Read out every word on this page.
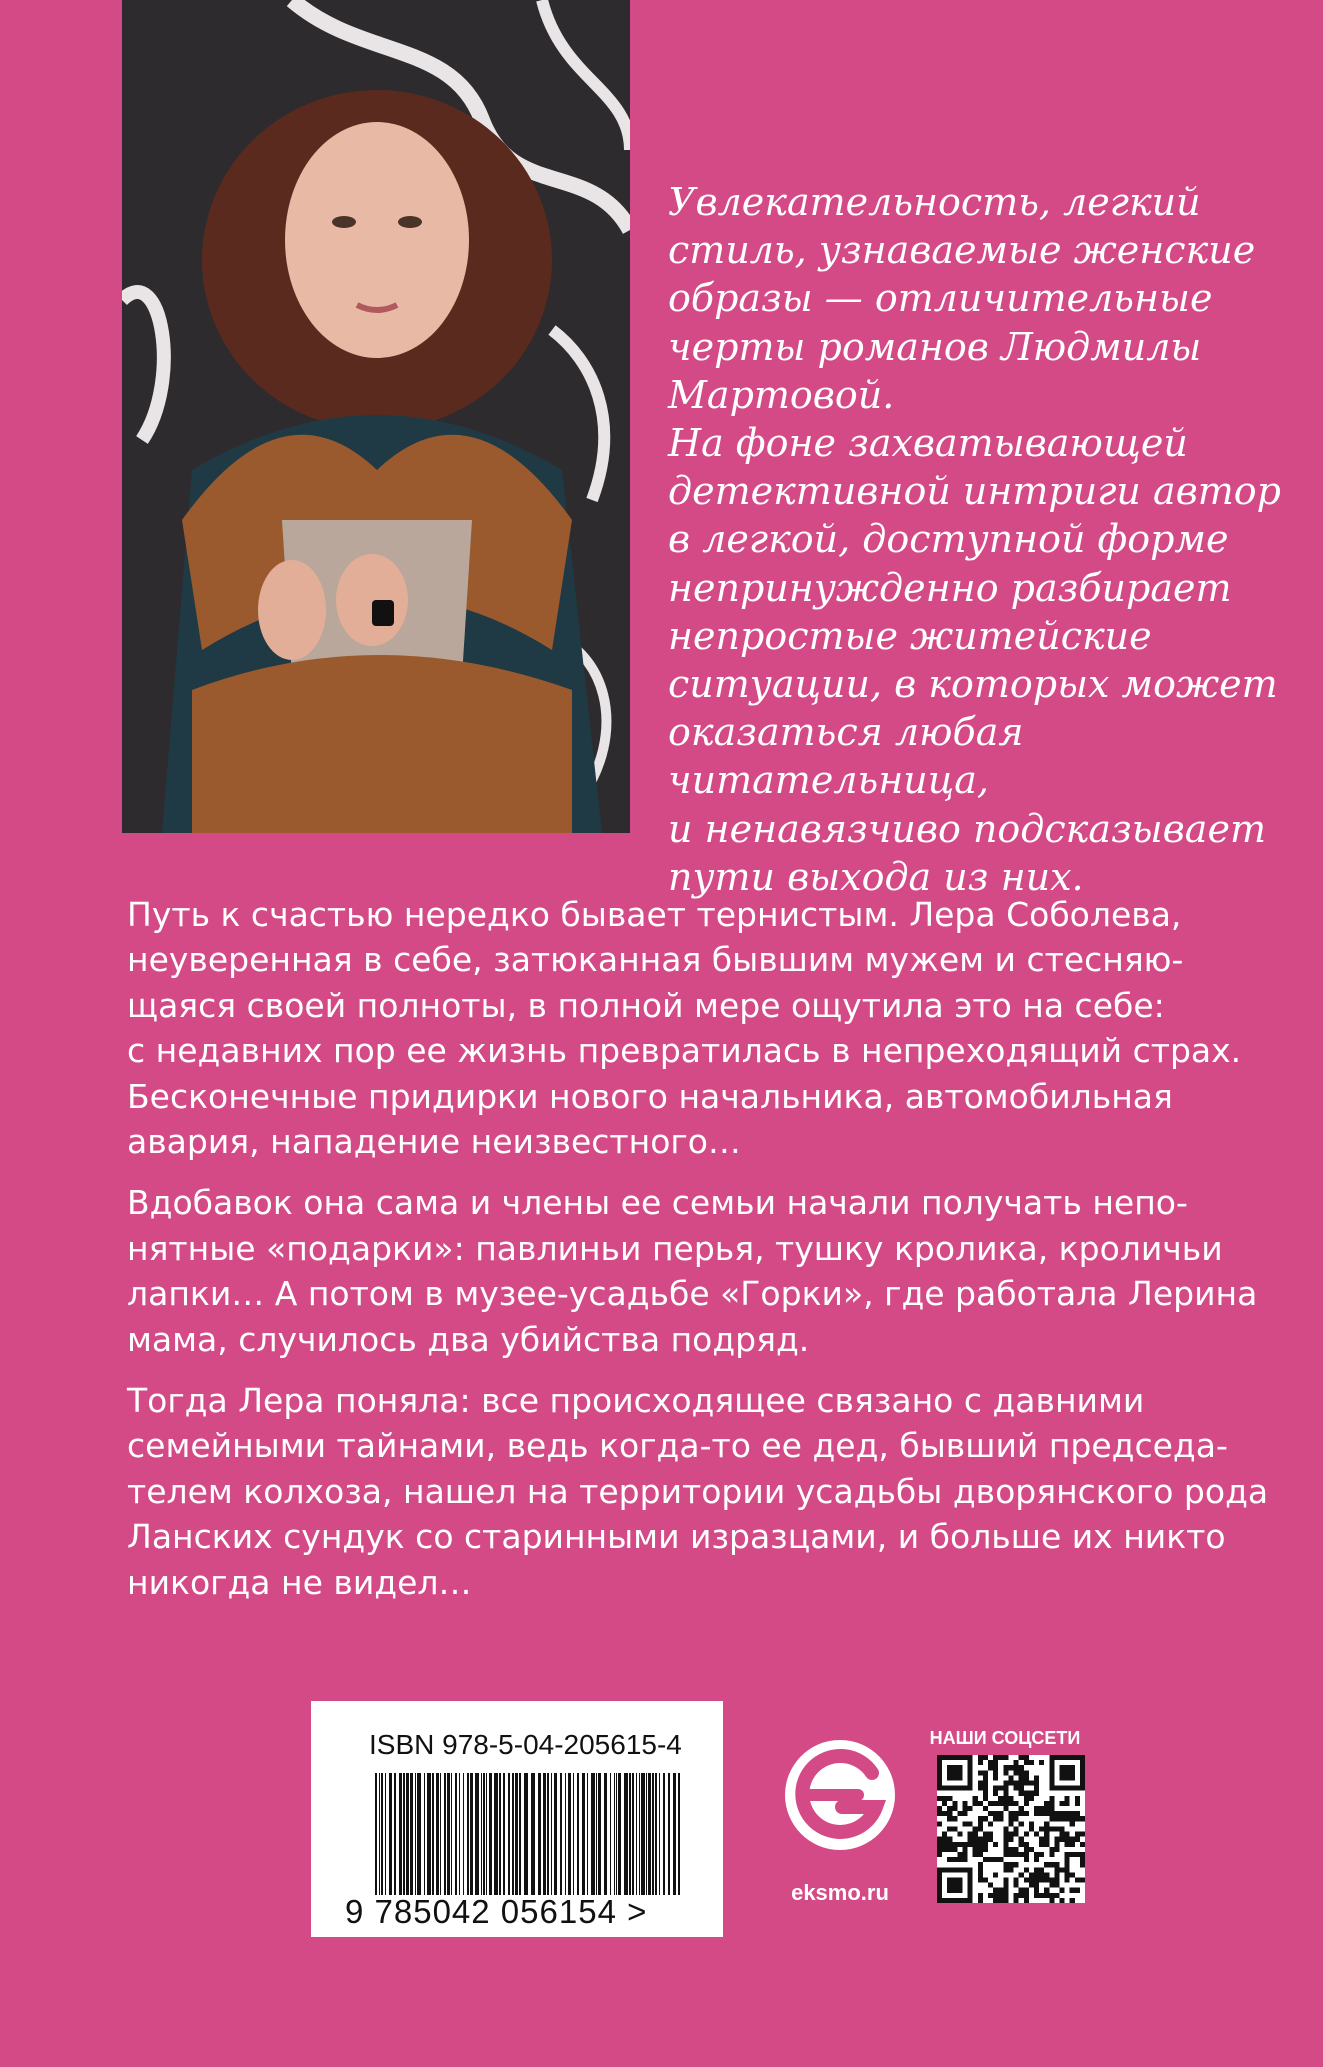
Увлекательность, легкий

стиль, узнаваемые женские

образы — отличительные

черты романов Людмилы

Мартовой.

На фоне захватывающей

детективной интриги автор

в легкой, доступной форме

непринужденно разбирает

непростые житейские

ситуации, в которых может

оказаться любая читательница,

и ненавязчиво подсказывает

пути выхода из них.

Путь к счастью нередко бывает тернистым. Лера Соболева,
неуверенная в себе, затюканная бывшим мужем и стесняю-
щаяся своей полноты, в полной мере ощутила это на себе:
с недавних пор ее жизнь превратилась в непреходящий страх.
Бесконечные придирки нового начальника, автомобильная
авария, нападение неизвестного…

Вдобавок она сама и члены ее семьи начали получать непо-
нятные «подарки»: павлиньи перья, тушку кролика, кроличьи
лапки… А потом в музее-усадьбе «Горки», где работала Лерина
мама, случилось два убийства подряд.

Тогда Лера поняла: все происходящее связано с давними
семейными тайнами, ведь когда-то ее дед, бывший председа-
телем колхоза, нашел на территории усадьбы дворянского рода
Ланских сундук со старинными изразцами, и больше их никто
никогда не видел…

ISBN 978-5-04-205615-4
9 785042 056154 >
eksmo.ru
НАШИ СОЦСЕТИ
